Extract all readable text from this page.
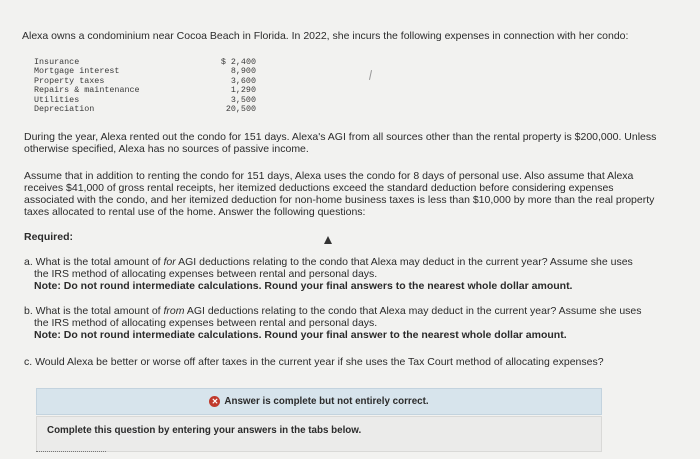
Alexa owns a condominium near Cocoa Beach in Florida. In 2022, she incurs the following expenses in connection with her condo:
Insurance	$ 2,400
Mortgage interest	8,900
Property taxes	3,600
Repairs & maintenance	1,290
Utilities	3,500
Depreciation	20,500
During the year, Alexa rented out the condo for 151 days. Alexa's AGI from all sources other than the rental property is $200,000. Unless otherwise specified, Alexa has no sources of passive income.
Assume that in addition to renting the condo for 151 days, Alexa uses the condo for 8 days of personal use. Also assume that Alexa receives $41,000 of gross rental receipts, her itemized deductions exceed the standard deduction before considering expenses associated with the condo, and her itemized deduction for non-home business taxes is less than $10,000 by more than the real property taxes allocated to rental use of the home. Answer the following questions:
Required:
a. What is the total amount of for AGI deductions relating to the condo that Alexa may deduct in the current year? Assume she uses
the IRS method of allocating expenses between rental and personal days.
Note: Do not round intermediate calculations. Round your final answers to the nearest whole dollar amount.
b. What is the total amount of from AGI deductions relating to the condo that Alexa may deduct in the current year? Assume she uses
the IRS method of allocating expenses between rental and personal days.
Note: Do not round intermediate calculations. Round your final answer to the nearest whole dollar amount.
c. Would Alexa be better or worse off after taxes in the current year if she uses the Tax Court method of allocating expenses?
✕ Answer is complete but not entirely correct.
Complete this question by entering your answers in the tabs below.
